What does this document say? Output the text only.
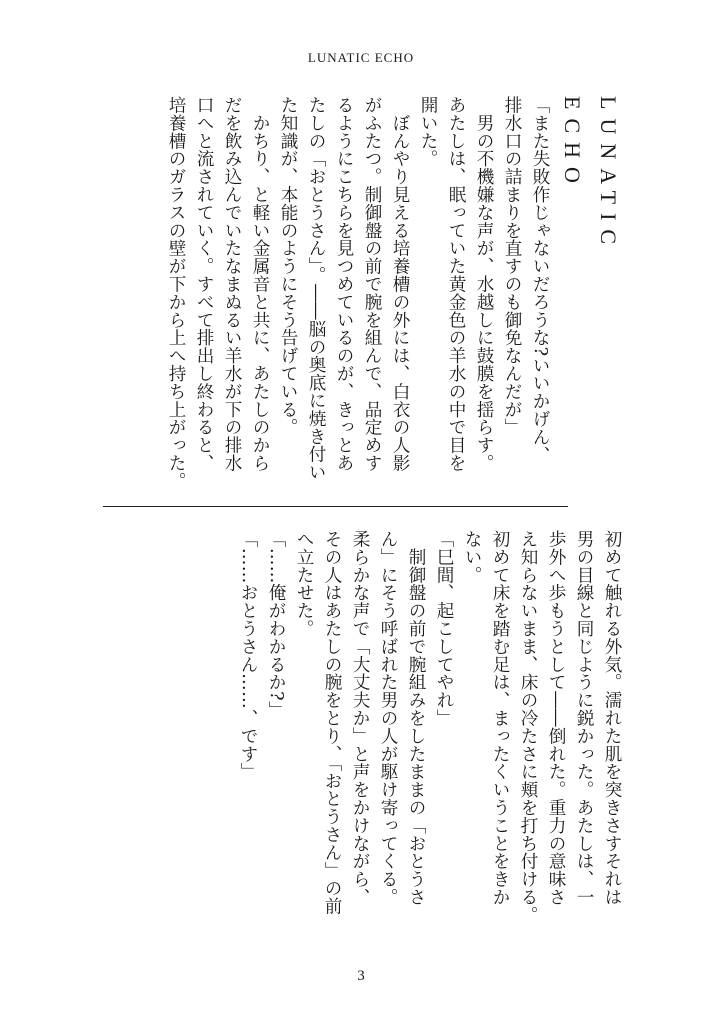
LUNATIC ECHO
LUNATIC ECHO

「また失敗作じゃないだろうな?いいかげん、

排水口の詰まりを直すのも御免なんだが」

　男の不機嫌な声が、水越しに鼓膜を揺らす。

あたしは、眠っていた黄金色の羊水の中で目を

開いた。

　ぼんやり見える培養槽の外には、白衣の人影

がふたつ。制御盤の前で腕を組んで、品定めす

るようにこちらを見つめているのが、きっとあ

たしの「おとうさん」。――脳の奥底に焼き付い

た知識が、本能のようにそう告げている。

　かちり、と軽い金属音と共に、あたしのから

だを飲み込んでいたなまぬるい羊水が下の排水

口へと流されていく。すべて排出し終わると、

培養槽のガラスの壁が下から上へ持ち上がった。

初めて触れる外気。濡れた肌を突きさすそれは

男の目線と同じように鋭かった。あたしは、一

歩外へ歩もうとして――倒れた。重力の意味さ

え知らないまま、床の冷たさに頬を打ち付ける。

初めて床を踏む足は、まったくいうことをきか

ない。

「巳間、起こしてやれ」

　制御盤の前で腕組みをしたままの「おとうさ

ん」にそう呼ばれた男の人が駆け寄ってくる。

柔らかな声で「大丈夫か」と声をかけながら、

その人はあたしの腕をとり、「おとうさん」の前

へ立たせた。

「……俺がわかるか?」

「……おとうさん……、です」

3
